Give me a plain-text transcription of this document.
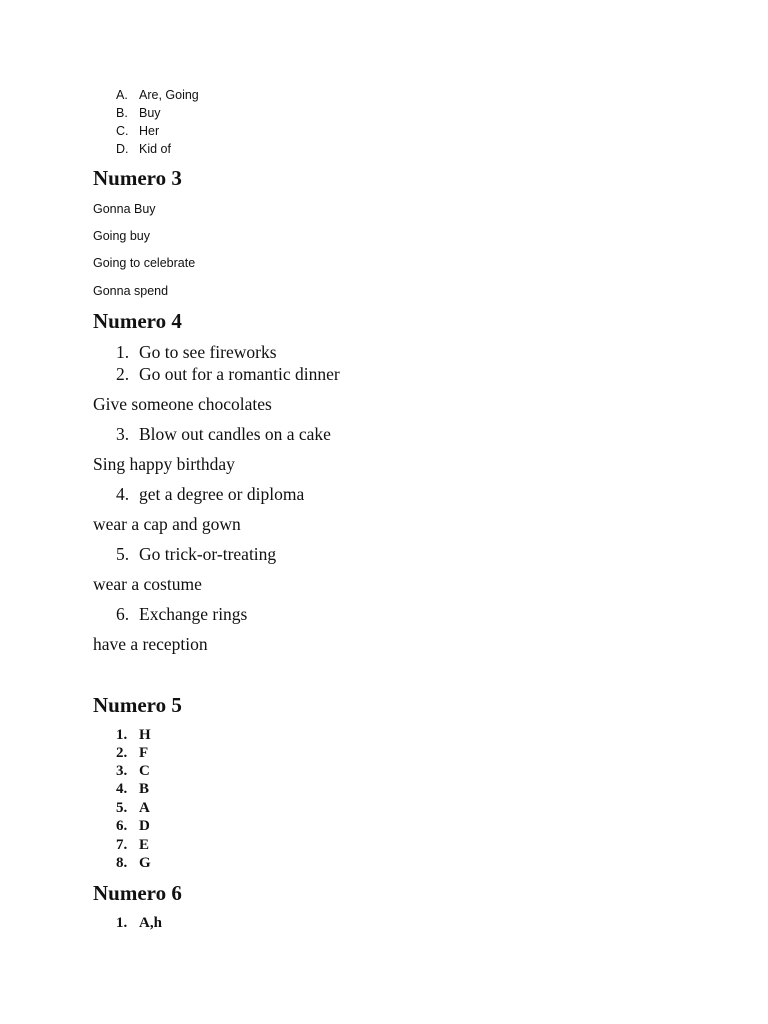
A. Are, Going
B. Buy
C. Her
D. Kid of
Numero 3
Gonna Buy
Going buy
Going to celebrate
Gonna spend
Numero 4
1. Go to see fireworks
2. Go out for a romantic dinner
Give someone chocolates
3. Blow out candles on a cake
Sing happy birthday
4. get a degree or diploma
wear a cap and gown
5. Go trick-or-treating
wear a costume
6. Exchange rings
have a reception
Numero 5
1. H
2. F
3. C
4. B
5. A
6. D
7. E
8. G
Numero 6
1. A,h
